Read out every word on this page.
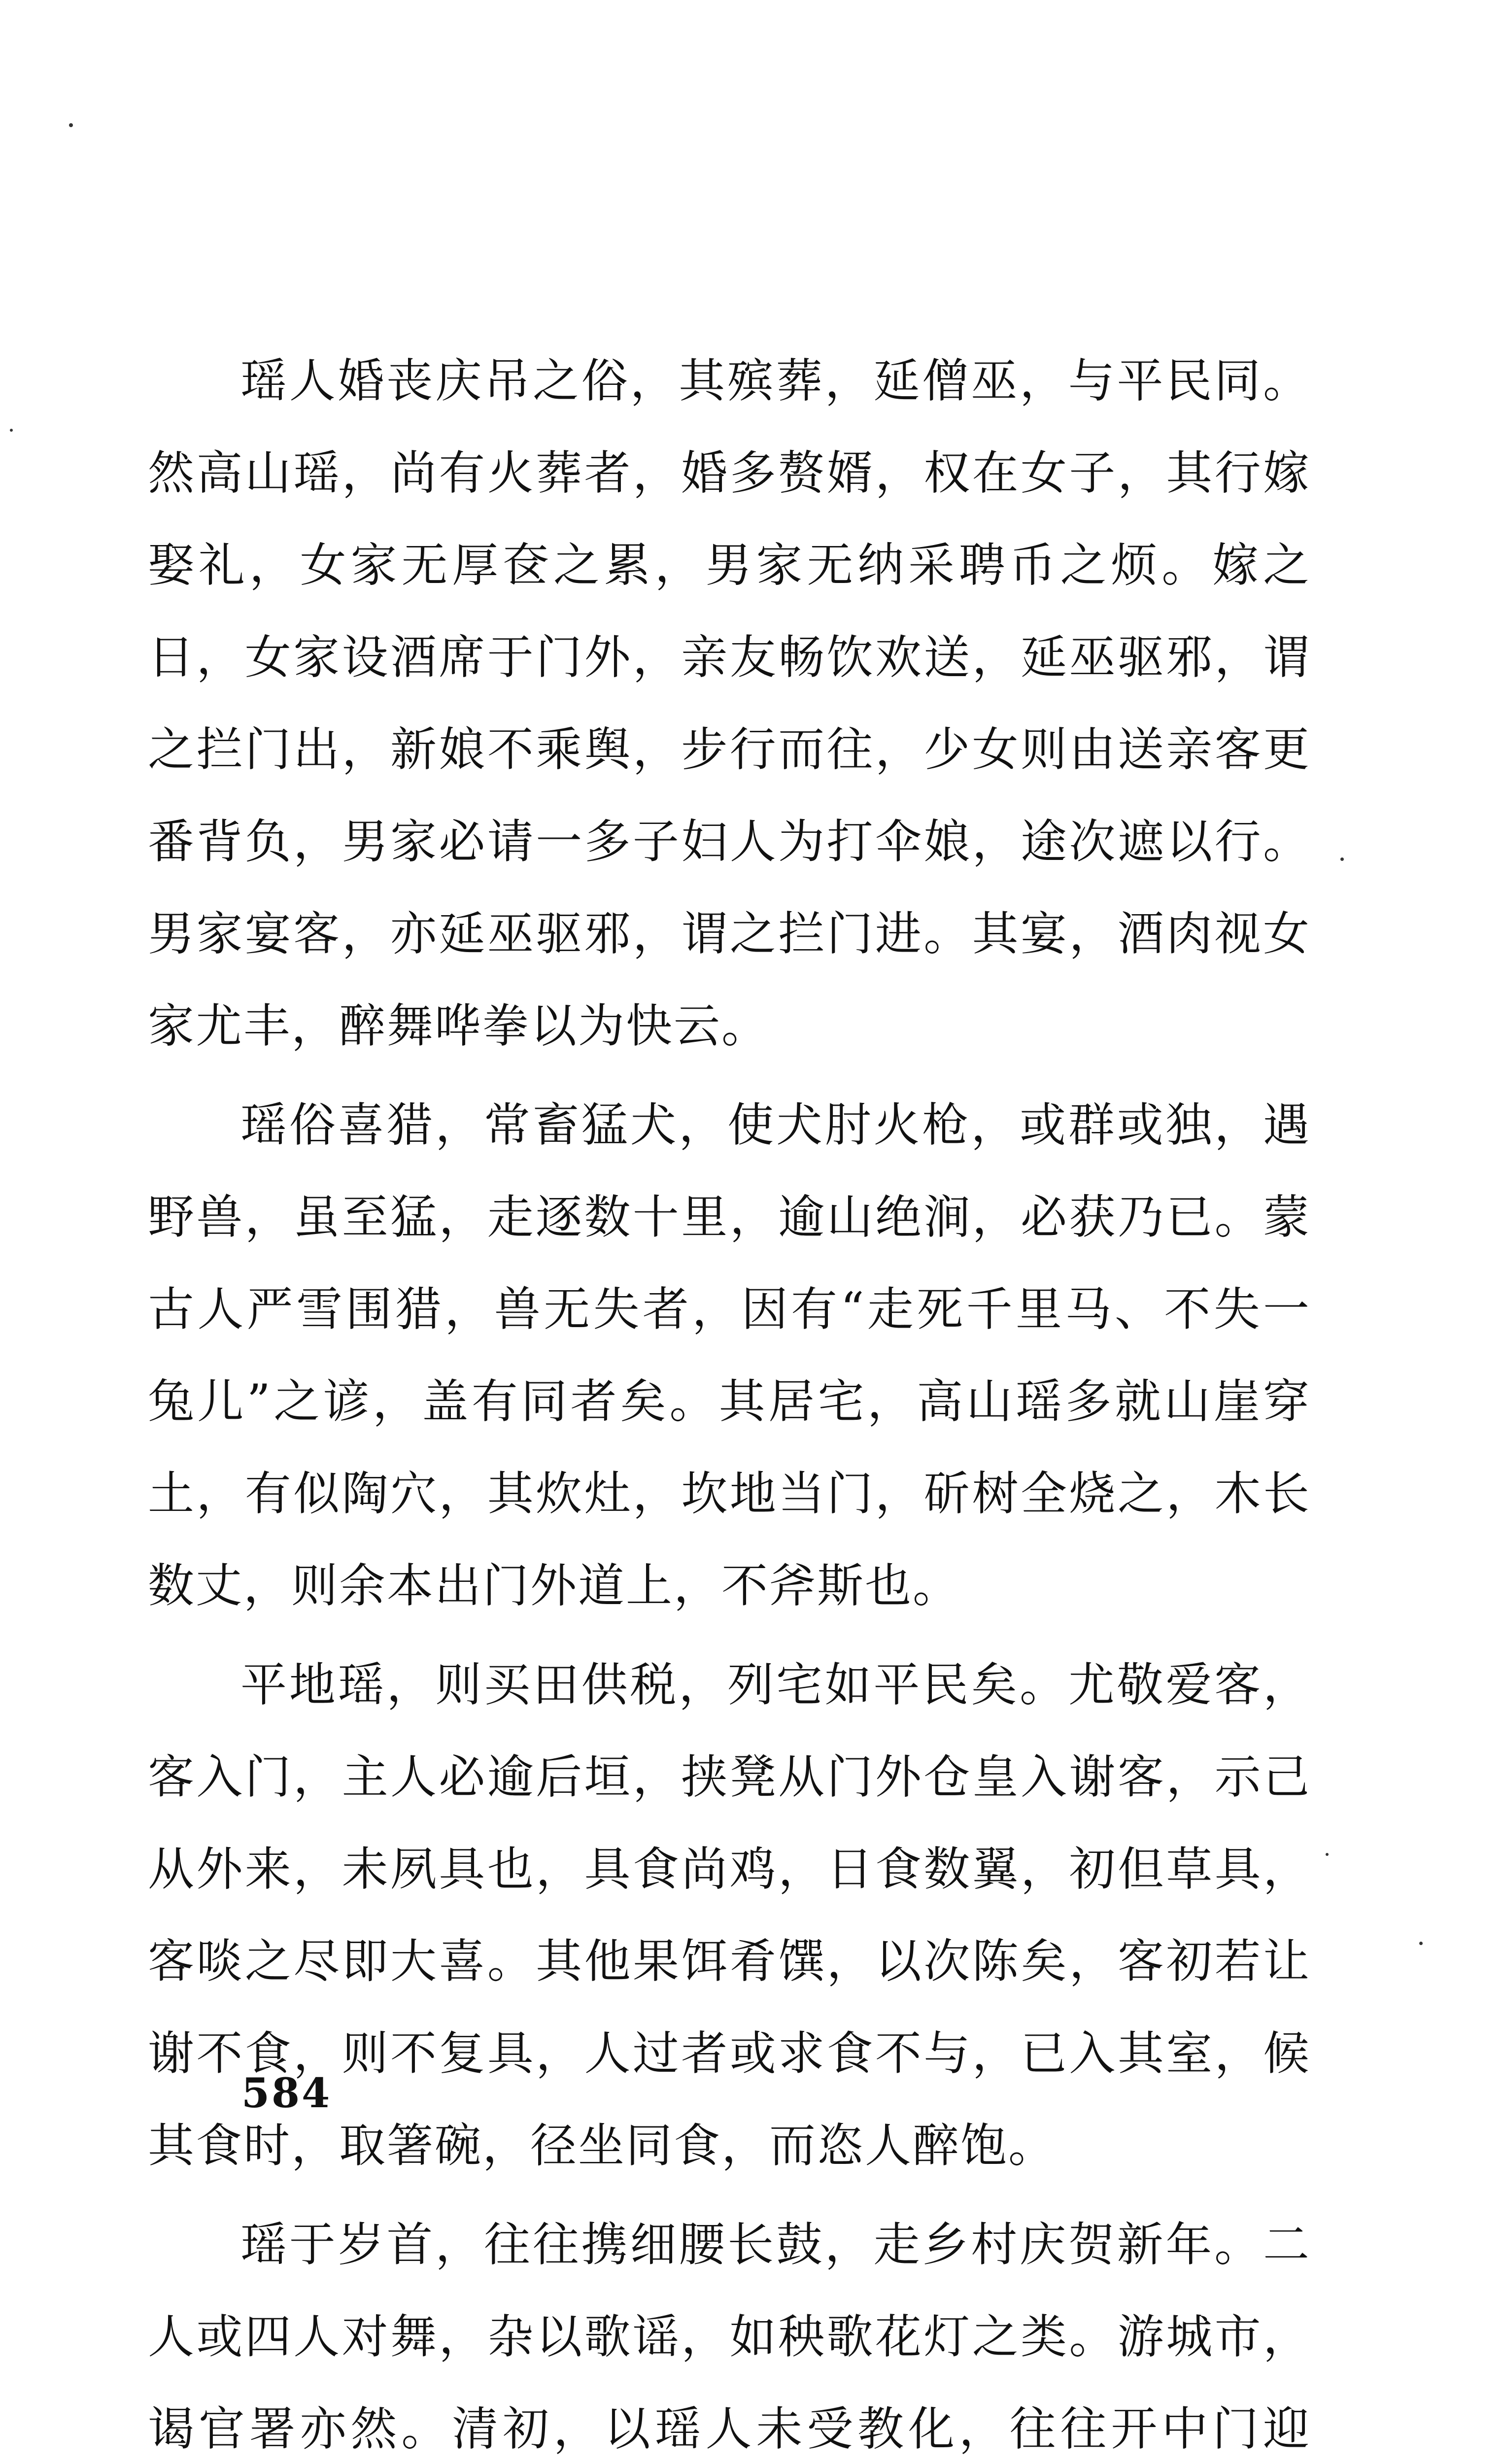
瑶人婚丧庆吊之俗，其殡葬，延僧巫，与平民同。然高山瑶，尚有火葬者，婚多赘婿，权在女子，其行嫁娶礼，女家无厚奁之累，男家无纳采聘币之烦。嫁之日，女家设酒席于门外，亲友畅饮欢送，延巫驱邪，谓之拦门出，新娘不乘舆，步行而往，少女则由送亲客更番背负，男家必请一多子妇人为打伞娘，途次遮以行。男家宴客，亦延巫驱邪，谓之拦门进。其宴，酒肉视女家尤丰，醉舞哗拳以为快云。

瑶俗喜猎，常畜猛犬，使犬肘火枪，或群或独，遇野兽，虽至猛，走逐数十里，逾山绝涧，必获乃已。蒙古人严雪围猎，兽无失者，因有“走死千里马、不失一兔儿”之谚，盖有同者矣。其居宅，高山瑶多就山崖穿土，有似陶穴，其炊灶，坎地当门，斫树全烧之，木长数丈，则余本出门外道上，不斧斯也。

平地瑶，则买田供税，列宅如平民矣。尤敬爱客，客入门，主人必逾后垣，挟凳从门外仓皇入谢客，示己从外来，未夙具也，具食尚鸡，日食数翼，初但草具，客啖之尽即大喜。其他果饵肴馔，以次陈矣，客初若让谢不食，则不复具，人过者或求食不与，已入其室，候其食时，取箸碗，径坐同食，而恣人醉饱。

瑶于岁首，往往携细腰长鼓，走乡村庆贺新年。二人或四人对舞，杂以歌谣，如秧歌花灯之类。游城市，谒官署亦然。清初，以瑶人未受教化，往往开中门迎

584
